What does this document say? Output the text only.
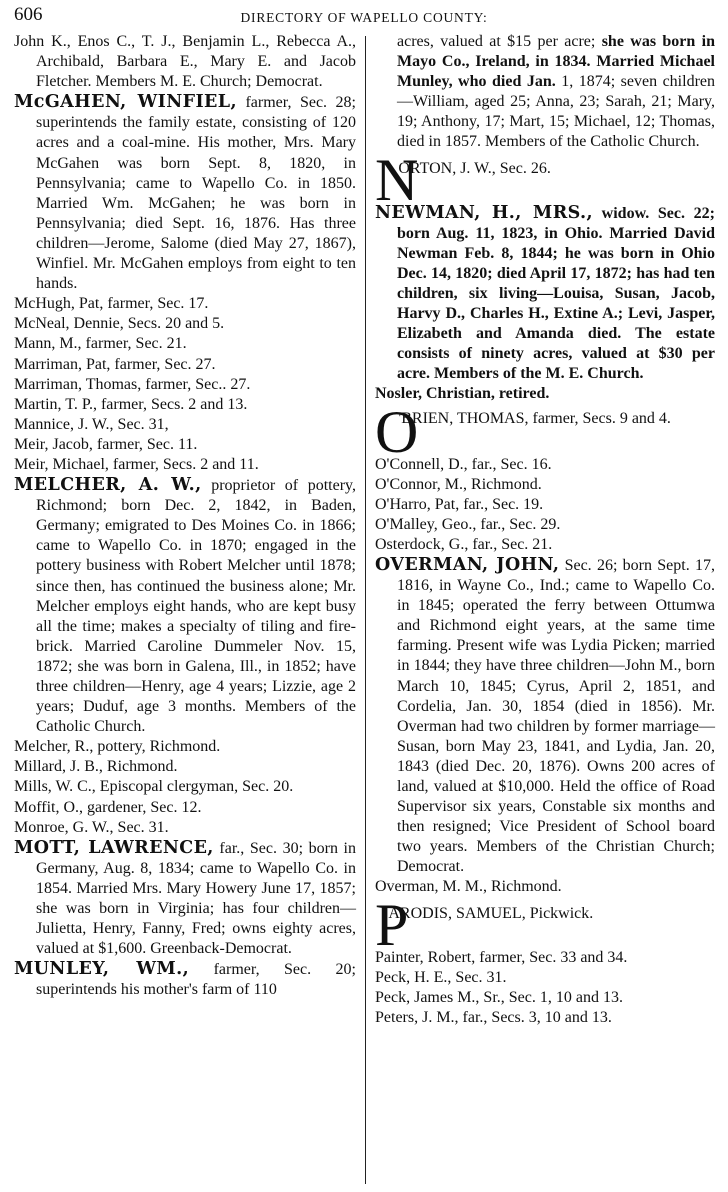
606	DIRECTORY OF WAPELLO COUNTY:

John K., Enos C., T. J., Benjamin L., Rebecca A., Archibald, Barbara E., Mary E. and Jacob Fletcher. Members M. E. Church; Democrat.

McGAHEN, WINFIEL, farmer, Sec. 28; superintends the family estate, consisting of 120 acres and a coal-mine. His mother, Mrs. Mary McGahen was born Sept. 8, 1820, in Pennsylvania; came to Wapello Co. in 1850. Married Wm. McGahen; he was born in Pennsylvania; died Sept. 16, 1876. Has three children—Jerome, Salome (died May 27, 1867), Winfiel. Mr. McGahen employs from eight to ten hands.

McHugh, Pat, farmer, Sec. 17.

McNeal, Dennie, Secs. 20 and 5.

Mann, M., farmer, Sec. 21.

Marriman, Pat, farmer, Sec. 27.

Marriman, Thomas, farmer, Sec.. 27.

Martin, T. P., farmer, Secs. 2 and 13.

Mannice, J. W., Sec. 31,

Meir, Jacob, farmer, Sec. 11.

Meir, Michael, farmer, Secs. 2 and 11.

MELCHER, A. W., proprietor of pottery, Richmond; born Dec. 2, 1842, in Baden, Germany; emigrated to Des Moines Co. in 1866; came to Wapello Co. in 1870; engaged in the pottery business with Robert Melcher until 1878; since then, has continued the business alone; Mr. Melcher employs eight hands, who are kept busy all the time; makes a specialty of tiling and fire-brick. Married Caroline Dummeler Nov. 15, 1872; she was born in Galena, Ill., in 1852; have three children—Henry, age 4 years; Lizzie, age 2 years; Duduf, age 3 months. Members of the Catholic Church.

Melcher, R., pottery, Richmond.

Millard, J. B., Richmond.

Mills, W. C., Episcopal clergyman, Sec. 20.

Moffit, O., gardener, Sec. 12.

Monroe, G. W., Sec. 31.

MOTT, LAWRENCE, far., Sec. 30; born in Germany, Aug. 8, 1834; came to Wapello Co. in 1854. Married Mrs. Mary Howery June 17, 1857; she was born in Virginia; has four children—Julietta, Henry, Fanny, Fred; owns eighty acres, valued at $1,600. Greenback-Democrat.

MUNLEY, WM., farmer, Sec. 20; superintends his mother's farm of 110

acres, valued at $15 per acre; she was born in Mayo Co., Ireland, in 1834. Married Michael Munley, who died Jan. 1, 1874; seven children—William, aged 25; Anna, 23; Sarah, 21; Mary, 19; Anthony, 17; Mart, 15; Michael, 12; Thomas, died in 1857. Members of the Catholic Church.

N
ORTON, J. W., Sec. 26.

NEWMAN, H., MRS., widow. Sec. 22; born Aug. 11, 1823, in Ohio. Married David Newman Feb. 8, 1844; he was born in Ohio Dec. 14, 1820; died April 17, 1872; has had ten children, six living—Louisa, Susan, Jacob, Harvy D., Charles H., Extine A.; Levi, Jasper, Elizabeth and Amanda died. The estate consists of ninety acres, valued at $30 per acre. Members of the M. E. Church.

Nosler, Christian, retired.

O
'BRIEN, THOMAS, farmer, Secs. 9 and 4.

O'Connell, D., far., Sec. 16.

O'Connor, M., Richmond.

O'Harro, Pat, far., Sec. 19.

O'Malley, Geo., far., Sec. 29.

Osterdock, G., far., Sec. 21.

OVERMAN, JOHN, Sec. 26; born Sept. 17, 1816, in Wayne Co., Ind.; came to Wapello Co. in 1845; operated the ferry between Ottumwa and Richmond eight years, at the same time farming. Present wife was Lydia Picken; married in 1844; they have three children—John M., born March 10, 1845; Cyrus, April 2, 1851, and Cordelia, Jan. 30, 1854 (died in 1856). Mr. Overman had two children by former marriage—Susan, born May 23, 1841, and Lydia, Jan. 20, 1843 (died Dec. 20, 1876). Owns 200 acres of land, valued at $10,000. Held the office of Road Supervisor six years, Constable six months and then resigned; Vice President of School board two years. Members of the Christian Church; Democrat.

Overman, M. M., Richmond.

P
ARODIS, SAMUEL, Pickwick.

Painter, Robert, farmer, Sec. 33 and 34.

Peck, H. E., Sec. 31.

Peck, James M., Sr., Sec. 1, 10 and 13.

Peters, J. M., far., Secs. 3, 10 and 13.
